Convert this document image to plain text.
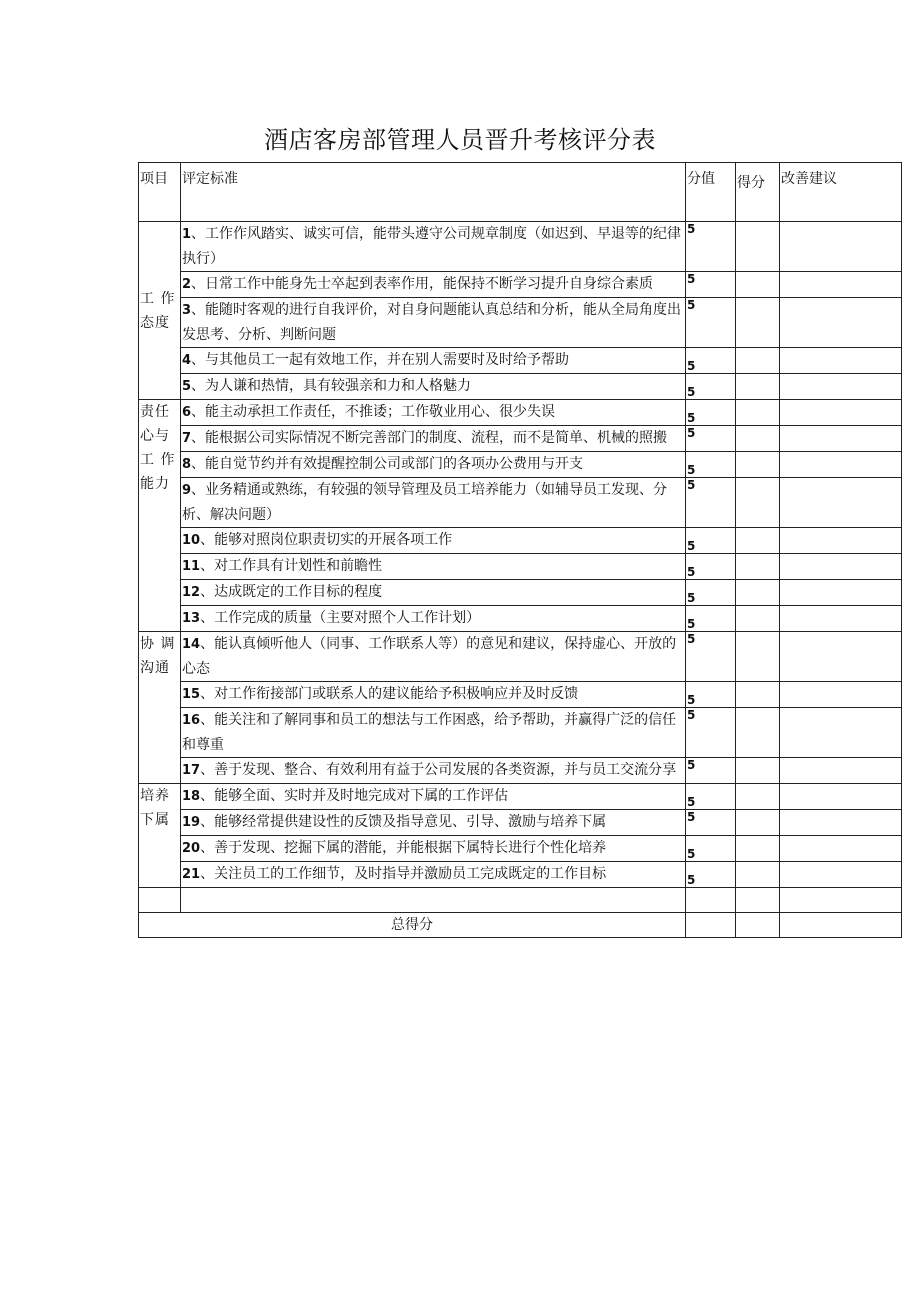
酒店客房部管理人员晋升考核评分表
项目	评定标准	分值	得分	改善建议
工 作态度	1、工作作风踏实、诚实可信，能带头遵守公司规章制度（如迟到、早退等的纪律执行）	5		
	2、日常工作中能身先士卒起到表率作用，能保持不断学习提升自身综合素质	5		
	3、能随时客观的进行自我评价，对自身问题能认真总结和分析，能从全局角度出发思考、分析、判断问题	5		
	4、与其他员工一起有效地工作，并在别人需要时及时给予帮助	5		
	5、为人谦和热情，具有较强亲和力和人格魅力	5		
责任心与工 作 能力	6、能主动承担工作责任，不推诿；工作敬业用心、很少失误	5		
	7、能根据公司实际情况不断完善部门的制度、流程，而不是简单、机械的照搬	5		
	8、能自觉节约并有效提醒控制公司或部门的各项办公费用与开支	5		
	9、业务精通或熟练，有较强的领导管理及员工培养能力（如辅导员工发现、分析、解决问题）	5		
	10、能够对照岗位职责切实的开展各项工作	5		
	11、对工作具有计划性和前瞻性	5		
	12、达成既定的工作目标的程度	5		
	13、工作完成的质量（主要对照个人工作计划）	5		
协 调沟通	14、能认真倾听他人（同事、工作联系人等）的意见和建议，保持虚心、开放的心态	5		
	15、对工作衔接部门或联系人的建议能给予积极响应并及时反馈	5		
	16、能关注和了解同事和员工的想法与工作困惑，给予帮助，并赢得广泛的信任和尊重	5		
	17、善于发现、整合、有效利用有益于公司发展的各类资源，并与员工交流分享	5		
培养下属	18、能够全面、实时并及时地完成对下属的工作评估	5		
	19、能够经常提供建设性的反馈及指导意见、引导、激励与培养下属	5		
	20、善于发现、挖掘下属的潜能，并能根据下属特长进行个性化培养	5		
	21、关注员工的工作细节，及时指导并激励员工完成既定的工作目标	5		

总得分				
